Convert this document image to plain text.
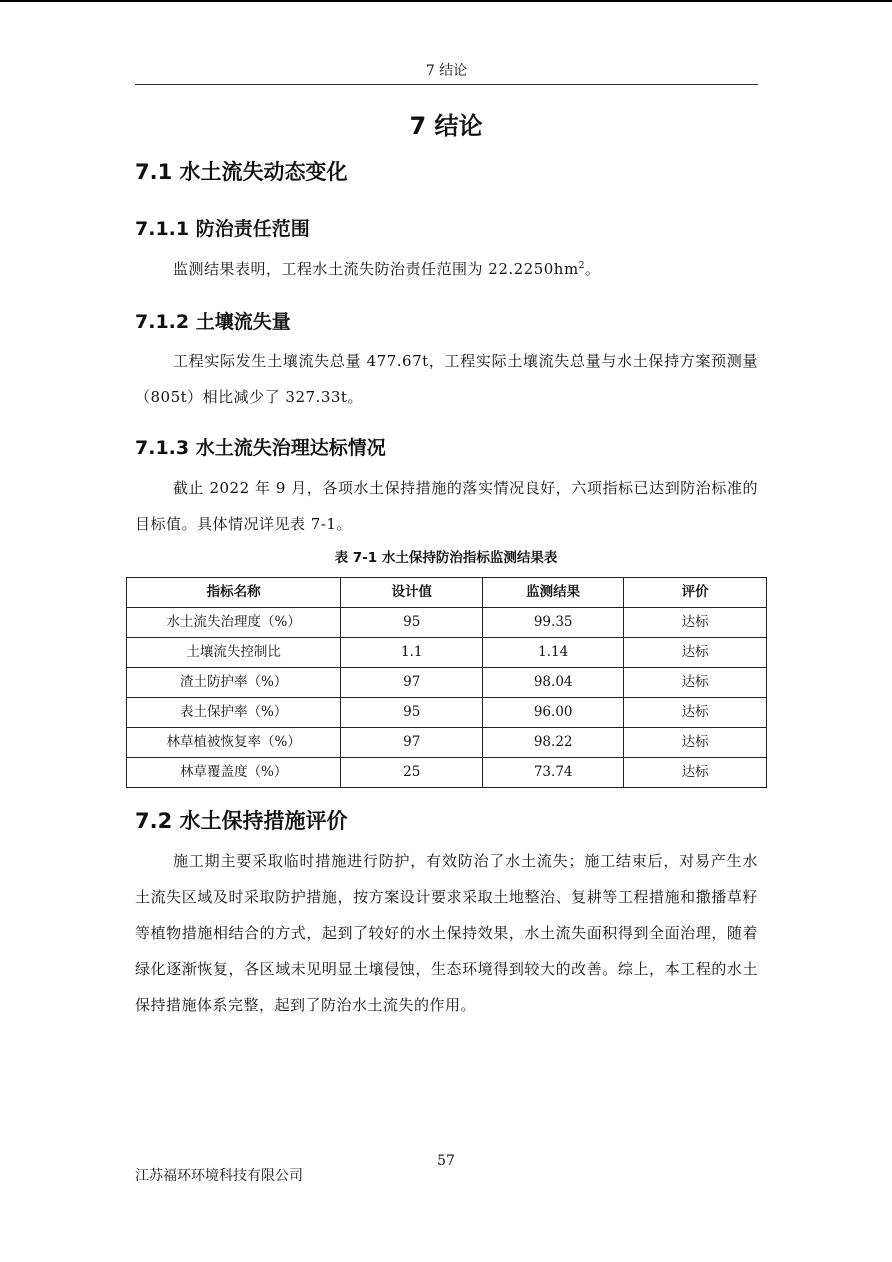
7 结论
7 结论
7.1 水土流失动态变化
7.1.1 防治责任范围

监测结果表明，工程水土流失防治责任范围为 $22.2250hm^2$。

7.1.2 土壤流失量

工程实际发生土壤流失总量 477.67t，工程实际土壤流失总量与水土保持方案预测量（805t）相比减少了 327.33t。

7.1.3 水土流失治理达标情况

截止 2022 年 9 月，各项水土保持措施的落实情况良好，六项指标已达到防治标准的目标值。具体情况详见表 7-1。

表 7-1 水土保持防治指标监测结果表
指标名称	设计值	监测结果	评价
水土流失治理度（%）	95	99.35	达标
土壤流失控制比	1.1	1.14	达标
渣土防护率（%）	97	98.04	达标
表土保护率（%）	95	96.00	达标
林草植被恢复率（%）	97	98.22	达标
林草覆盖度（%）	25	73.74	达标
7.2 水土保持措施评价

施工期主要采取临时措施进行防护，有效防治了水土流失；施工结束后，对易产生水土流失区域及时采取防护措施，按方案设计要求采取土地整治、复耕等工程措施和撒播草籽等植物措施相结合的方式，起到了较好的水土保持效果，水土流失面积得到全面治理，随着绿化逐渐恢复，各区域未见明显土壤侵蚀，生态环境得到较大的改善。综上，本工程的水土保持措施体系完整，起到了防治水土流失的作用。

57
江苏福环环境科技有限公司
